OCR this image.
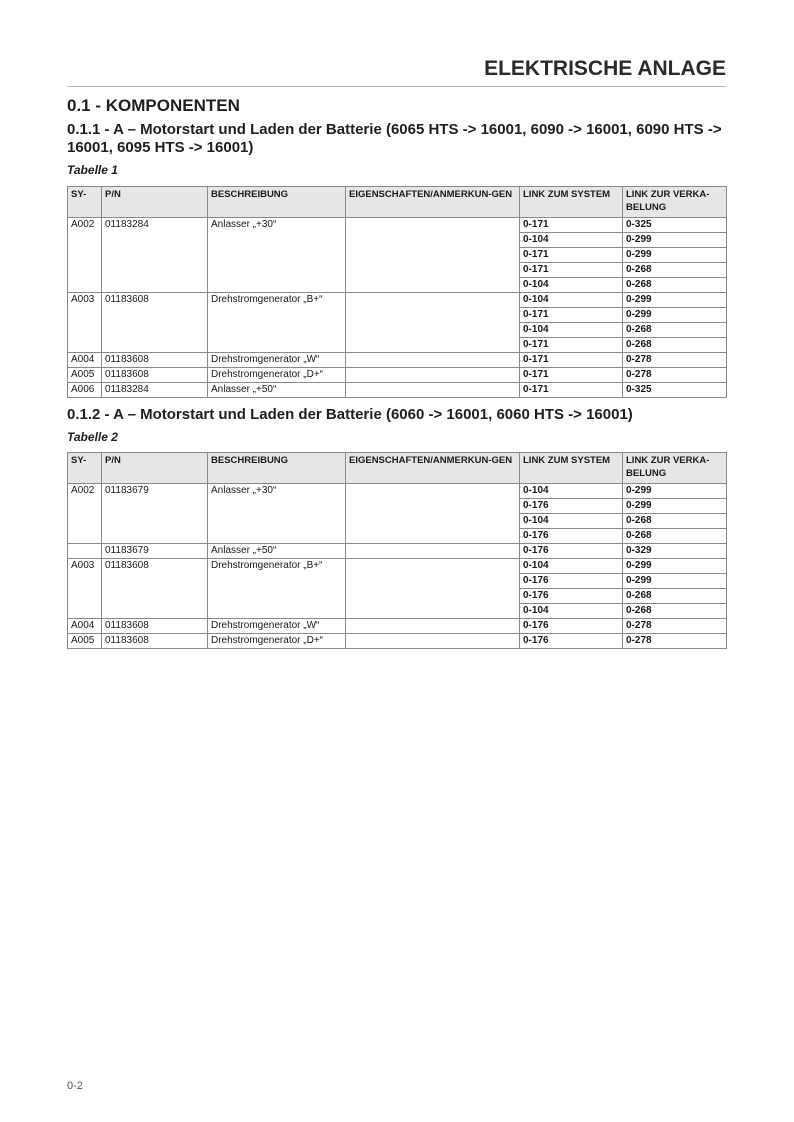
ELEKTRISCHE ANLAGE
0.1 - KOMPONENTEN
0.1.1 - A – Motorstart und Laden der Batterie (6065 HTS -> 16001, 6090 -> 16001, 6090 HTS -> 16001, 6095 HTS -> 16001)
Tabelle 1
SY-	P/N	BESCHREIBUNG	EIGENSCHAFTEN/ANMERKUN-GEN	LINK ZUM SYSTEM	LINK ZUR VERKA-BELUNG
A002	01183284	Anlasser „+30“		0-171	0-325
				0-104	0-299
				0-171	0-299
				0-171	0-268
				0-104	0-268
A003	01183608	Drehstromgenerator „B+“		0-104	0-299
				0-171	0-299
				0-104	0-268
				0-171	0-268
A004	01183608	Drehstromgenerator „W“		0-171	0-278
A005	01183608	Drehstromgenerator „D+“		0-171	0-278
A006	01183284	Anlasser „+50“		0-171	0-325
0.1.2 - A – Motorstart und Laden der Batterie (6060 -> 16001, 6060 HTS -> 16001)
Tabelle 2
SY-	P/N	BESCHREIBUNG	EIGENSCHAFTEN/ANMERKUN-GEN	LINK ZUM SYSTEM	LINK ZUR VERKA-BELUNG
A002	01183679	Anlasser „+30“		0-104	0-299
				0-176	0-299
				0-104	0-268
				0-176	0-268
	01183679	Anlasser „+50“		0-176	0-329
A003	01183608	Drehstromgenerator „B+“		0-104	0-299
				0-176	0-299
				0-176	0-268
				0-104	0-268
A004	01183608	Drehstromgenerator „W“		0-176	0-278
A005	01183608	Drehstromgenerator „D+“		0-176	0-278
0-2
